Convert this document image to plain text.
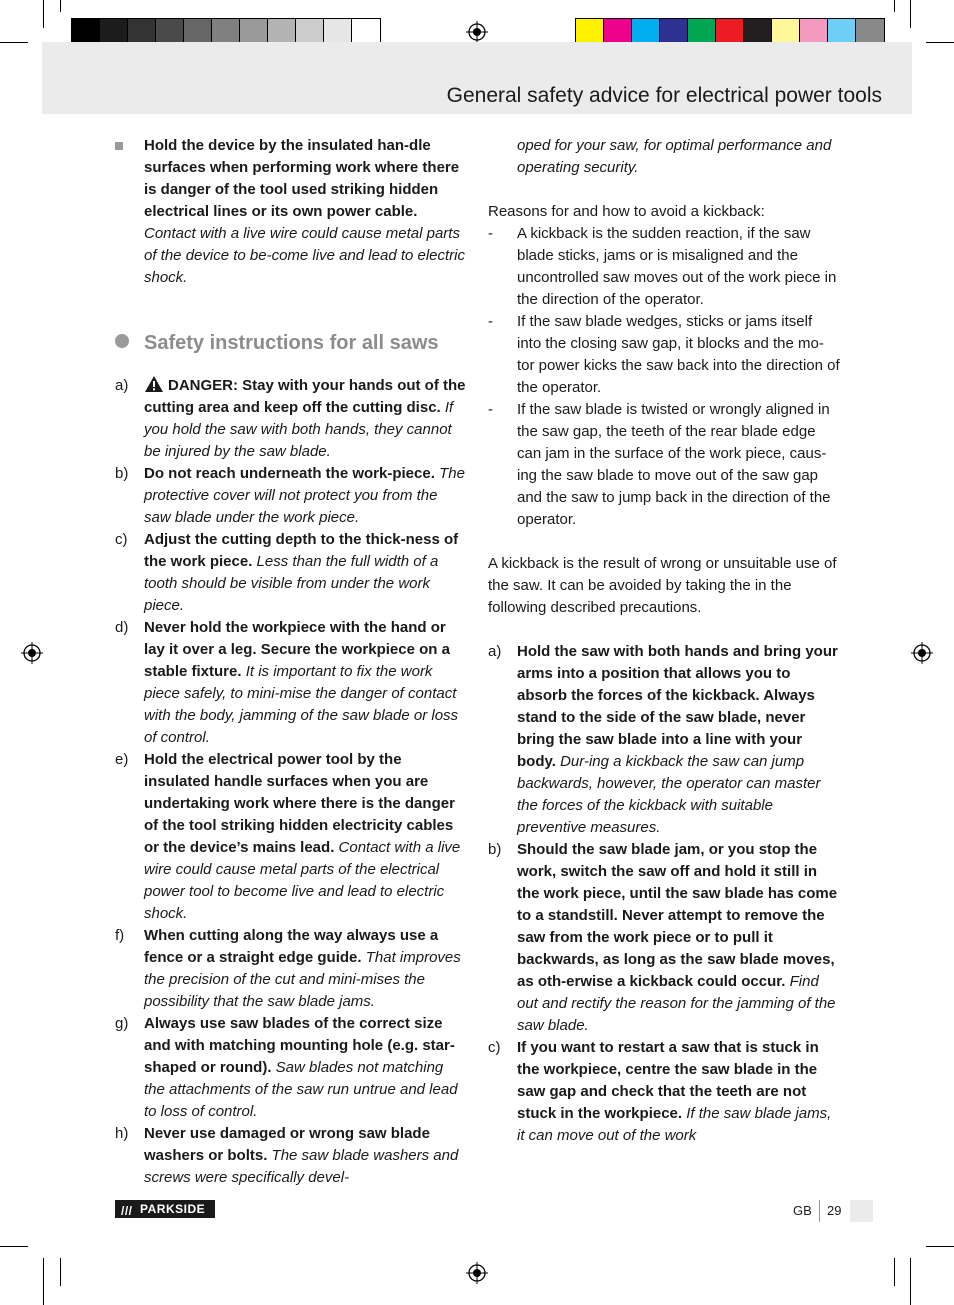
General safety advice for electrical power tools
Hold the device by the insulated han-dle surfaces when performing work where there is danger of the tool used striking hidden electrical lines or its own power cable. Contact with a live wire could cause metal parts of the device to be-come live and lead to electric shock.
Safety instructions for all saws
a)	DANGER: Stay with your hands out of the cutting area and keep off the cutting disc. If you hold the saw with both hands, they cannot be injured by the saw blade.
b)	Do not reach underneath the work-piece. The protective cover will not protect you from the saw blade under the work piece.
c)	Adjust the cutting depth to the thick-ness of the work piece. Less than the full width of a tooth should be visible from under the work piece.
d)	Never hold the workpiece with the hand or lay it over a leg. Secure the workpiece on a stable fixture. It is important to fix the work piece safely, to mini-mise the danger of contact with the body, jamming of the saw blade or loss of control.
e)	Hold the electrical power tool by the insulated handle surfaces when you are undertaking work where there is the danger of the tool striking hidden electricity cables or the device’s mains lead. Contact with a live wire could cause metal parts of the electrical power tool to become live and lead to electric shock.
f)	When cutting along the way always use a fence or a straight edge guide. That improves the precision of the cut and mini-mises the possibility that the saw blade jams.
g)	Always use saw blades of the correct size and with matching mounting hole (e.g. star-shaped or round). Saw blades not matching the attachments of the saw run untrue and lead to loss of control.
h)	Never use damaged or wrong saw blade washers or bolts. The saw blade washers and screws were specifically devel-
oped for your saw, for optimal performance and operating security.

Reasons for and how to avoid a kickback:

-	A kickback is the sudden reaction, if the saw blade sticks, jams or is misaligned and the uncontrolled saw moves out of the work piece in the direction of the operator.
-	If the saw blade wedges, sticks or jams itself into the closing saw gap, it blocks and the mo-tor power kicks the saw back into the direction of the operator.
-	If the saw blade is twisted or wrongly aligned in the saw gap, the teeth of the rear blade edge can jam in the surface of the work piece, caus-ing the saw blade to move out of the saw gap and the saw to jump back in the direction of the operator.

A kickback is the result of wrong or unsuitable use of the saw. It can be avoided by taking the in the following described precautions.

a)	Hold the saw with both hands and bring your arms into a position that allows you to absorb the forces of the kickback. Always stand to the side of the saw blade, never bring the saw blade into a line with your body. Dur-ing a kickback the saw can jump backwards, however, the operator can master the forces of the kickback with suitable preventive measures.
b)	Should the saw blade jam, or you stop the work, switch the saw off and hold it still in the work piece, until the saw blade has come to a standstill. Never attempt to remove the saw from the work piece or to pull it backwards, as long as the saw blade moves, as oth-erwise a kickback could occur. Find out and rectify the reason for the jamming of the saw blade.
c)	If you want to restart a saw that is stuck in the workpiece, centre the saw blade in the saw gap and check that the teeth are not stuck in the workpiece. If the saw blade jams, it can move out of the work
/// PARKSIDE	GB 29
